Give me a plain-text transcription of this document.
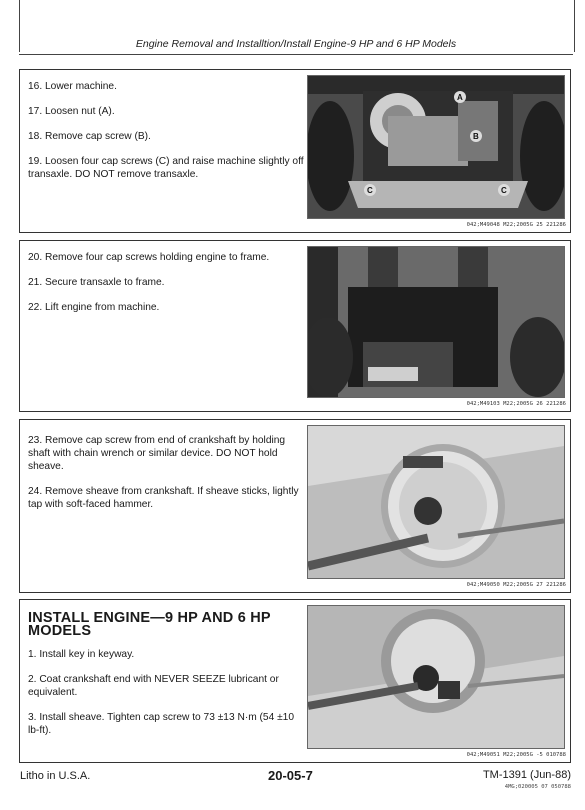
Engine Removal and Installtion/Install Engine-9 HP and 6 HP Models
16. Lower machine.
17. Loosen nut (A).
18. Remove cap screw (B).
19. Loosen four cap screws (C) and raise machine slightly off transaxle. DO NOT remove transaxle.
A
B
C	C
042;M49048 M22;2005G 25 221286
20. Remove four cap screws holding engine to frame.
21. Secure transaxle to frame.
22. Lift engine from machine.
042;M49103 M22;2005G 26 221286
23. Remove cap screw from end of crankshaft by holding shaft with chain wrench or similar device. DO NOT hold sheave.
24. Remove sheave from crankshaft. If sheave sticks, lightly tap with soft-faced hammer.
042;M49050 M22;2005G 27 221286
INSTALL ENGINE—9 HP AND 6 HP MODELS
1. Install key in keyway.
2. Coat crankshaft end with NEVER SEEZE lubricant or equivalent.
3. Install sheave. Tighten cap screw to 73 ±13 N·m (54 ±10 lb-ft).
042;M49051 M22;2005G -5 010788
Litho in U.S.A.	20-05-7	TM-1391 (Jun-88)
4MG;020005 07 050788
